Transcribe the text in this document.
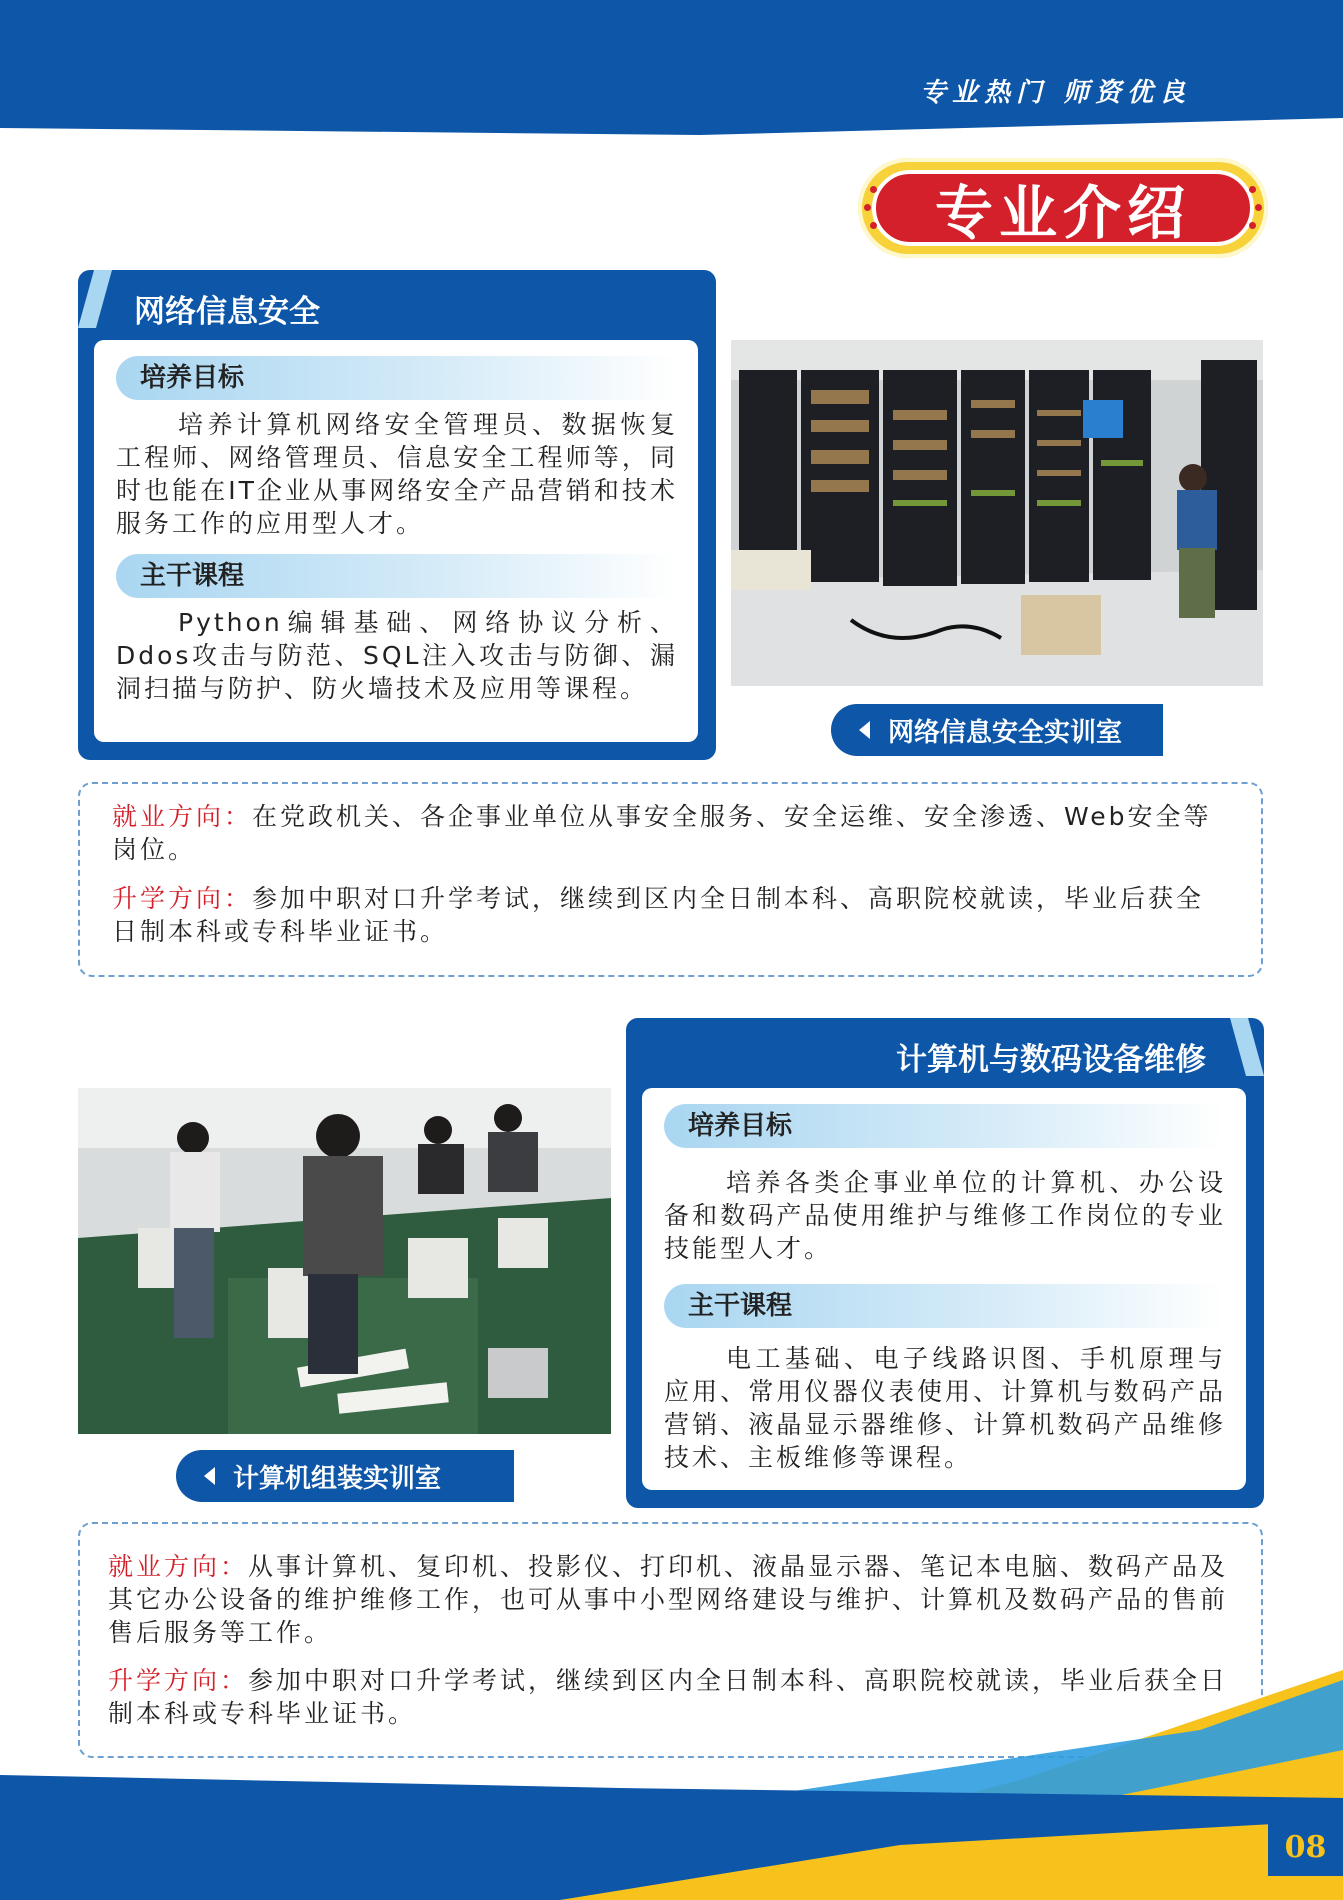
专业热门 师资优良
专业介绍
网络信息安全
培养目标
培养计算机网络安全管理员、数据恢复工程师、网络管理员、信息安全工程师等，同时也能在IT企业从事网络安全产品营销和技术服务工作的应用型人才。
主干课程
Python编辑基础、网络协议分析、Ddos攻击与防范、SQL注入攻击与防御、漏洞扫描与防护、防火墙技术及应用等课程。
网络信息安全实训室
就业方向：在党政机关、各企事业单位从事安全服务、安全运维、安全渗透、Web安全等岗位。
升学方向：参加中职对口升学考试，继续到区内全日制本科、高职院校就读，毕业后获全日制本科或专科毕业证书。
计算机与数码设备维修
培养目标
培养各类企事业单位的计算机、办公设备和数码产品使用维护与维修工作岗位的专业技能型人才。
主干课程
电工基础、电子线路识图、手机原理与应用、常用仪器仪表使用、计算机与数码产品营销、液晶显示器维修、计算机数码产品维修技术、主板维修等课程。
计算机组装实训室
就业方向：从事计算机、复印机、投影仪、打印机、液晶显示器、笔记本电脑、数码产品及其它办公设备的维护维修工作，也可从事中小型网络建设与维护、计算机及数码产品的售前售后服务等工作。
升学方向：参加中职对口升学考试，继续到区内全日制本科、高职院校就读，毕业后获全日制本科或专科毕业证书。
08
